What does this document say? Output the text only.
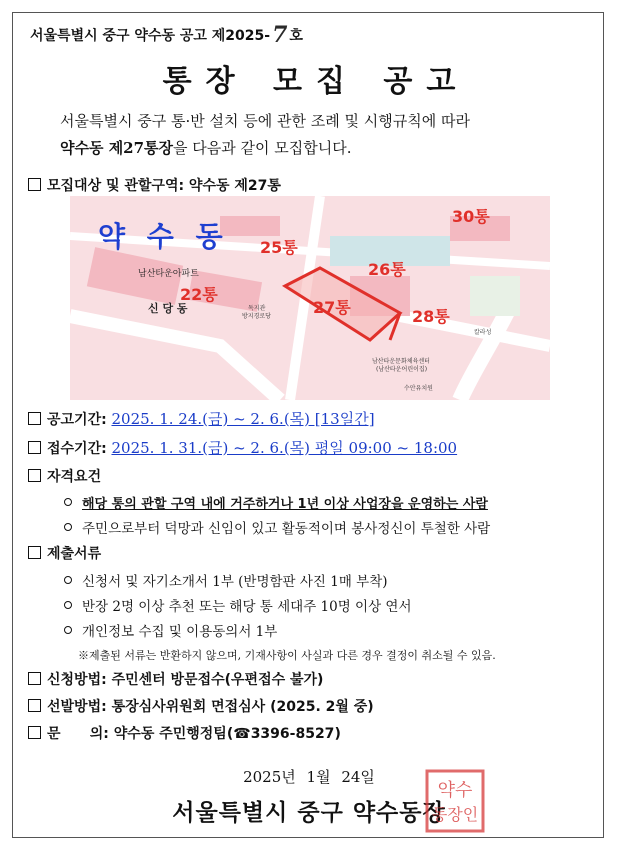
서울특별시 중구 약수동 공고 제2025-7 호
통장 모집 공고
서울특별시 중구 통·반 설치 등에 관한 조례 및 시행규칙에 따라
약수동 제27통장을 다음과 같이 모집합니다.
모집대상 및 관할구역: 약수동 제27통
약 수 동 25통
26통
27통	28통
22통
30통
남산타운아파트
신 당 동	독지관
방지경로당
남산타운문화체육센터
(남산타운어린이집)
칼라성
수안유치원
공고기간: 2025. 1. 24.(금) ~ 2. 6.(목) [13일간]
접수기간: 2025. 1. 31.(금) ~ 2. 6.(목) 평일 09:00 ~ 18:00
자격요건
해당 통의 관할 구역 내에 거주하거나 1년 이상 사업장을 운영하는 사람
주민으로부터 덕망과 신임이 있고 활동적이며 봉사정신이 투철한 사람
제출서류
신청서 및 자기소개서 1부 (반명함판 사진 1매 부착)
반장 2명 이상 추천 또는 해당 통 세대주 10명 이상 연서
개인정보 수집 및 이용동의서 1부
※제출된 서류는 반환하지 않으며, 기재사항이 사실과 다른 경우 결정이 취소될 수 있음.
신청방법: 주민센터 방문접수(우편접수 불가)
선발방법: 통장심사위원회 면접심사 (2025. 2월 중)
문      의: 약수동 주민행정팀(☎3396-8527)
2025년 1월 24일
서울특별시 중구 약수동장
약수
동장인
